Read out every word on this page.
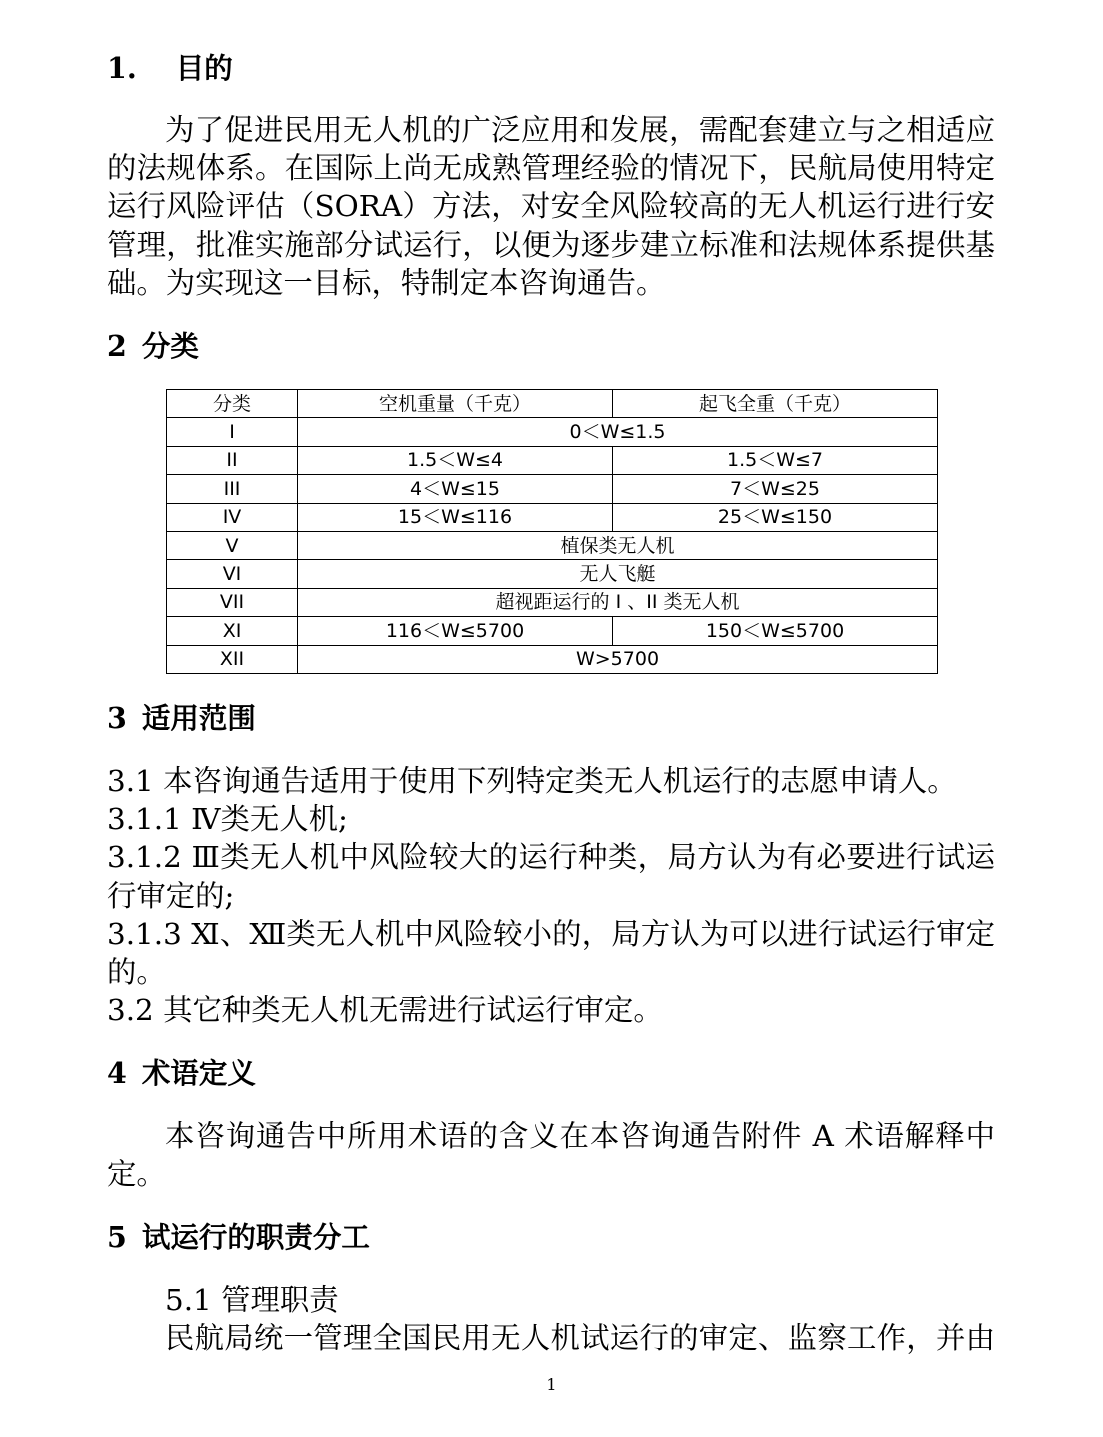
1. 目的
为了促进民用无人机的广泛应用和发展，需配套建立与之相适应
的法规体系。在国际上尚无成熟管理经验的情况下，民航局使用特定
运行风险评估（SORA）方法，对安全风险较高的无人机运行进行安
管理，批准实施部分试运行，以便为逐步建立标准和法规体系提供基
础。为实现这一目标，特制定本咨询通告。
2 分类
分类	空机重量（千克）	起飞全重（千克）
I	0＜W≤1.5	
II	1.5＜W≤4	1.5＜W≤7
III	4＜W≤15	7＜W≤25
IV	15＜W≤116	25＜W≤150
V	植保类无人机	
VI	无人飞艇	
VII	超视距运行的 I 、II 类无人机	
XI	116＜W≤5700	150＜W≤5700
XII	W>5700	
3 适用范围
3.1 本咨询通告适用于使用下列特定类无人机运行的志愿申请人。
3.1.1 Ⅳ类无人机;
3.1.2 Ⅲ类无人机中风险较大的运行种类，局方认为有必要进行试运
行审定的;
3.1.3 Ⅺ、Ⅻ类无人机中风险较小的，局方认为可以进行试运行审定
的。
3.2 其它种类无人机无需进行试运行审定。
4 术语定义
本咨询通告中所用术语的含义在本咨询通告附件 A 术语解释中
定。
5 试运行的职责分工
5.1 管理职责
民航局统一管理全国民用无人机试运行的审定、监察工作，并由
1
